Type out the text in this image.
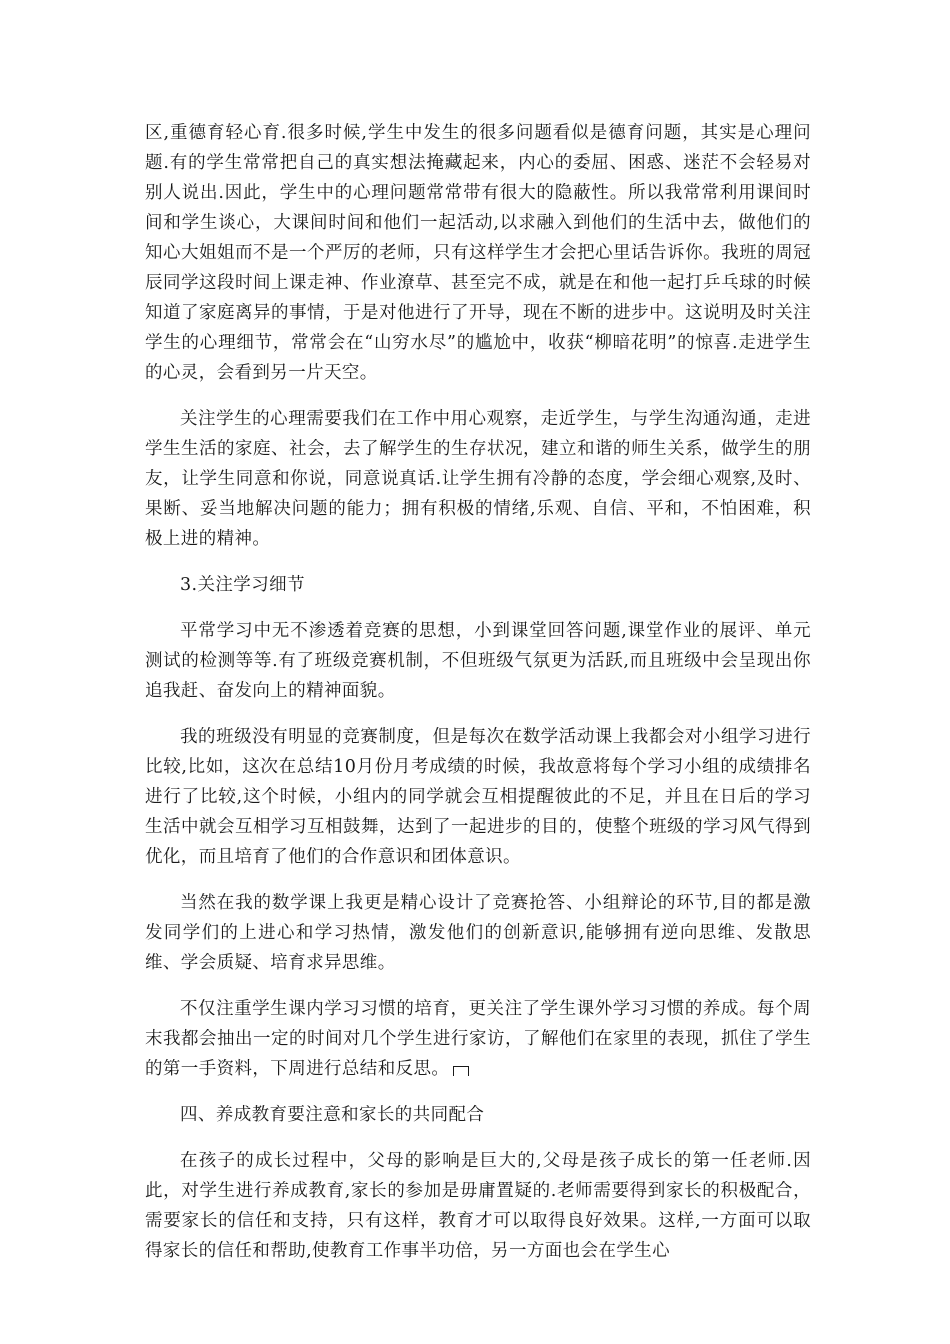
区,重德育轻心育.很多时候,学生中发生的很多问题看似是德育问题，其实是心理问题.有的学生常常把自己的真实想法掩藏起来，内心的委屈、困惑、迷茫不会轻易对别人说出.因此，学生中的心理问题常常带有很大的隐蔽性。所以我常常利用课间时间和学生谈心，大课间时间和他们一起活动,以求融入到他们的生活中去，做他们的知心大姐姐而不是一个严厉的老师，只有这样学生才会把心里话告诉你。我班的周冠辰同学这段时间上课走神、作业潦草、甚至完不成，就是在和他一起打乒乓球的时候知道了家庭离异的事情，于是对他进行了开导，现在不断的进步中。这说明及时关注学生的心理细节，常常会在“山穷水尽”的尴尬中，收获“柳暗花明”的惊喜.走进学生的心灵，会看到另一片天空。

关注学生的心理需要我们在工作中用心观察，走近学生，与学生沟通沟通，走进学生生活的家庭、社会，去了解学生的生存状况，建立和谐的师生关系，做学生的朋友，让学生同意和你说，同意说真话.让学生拥有冷静的态度，学会细心观察,及时、果断、妥当地解决问题的能力；拥有积极的情绪,乐观、自信、平和，不怕困难，积极上进的精神。

3.关注学习细节

平常学习中无不渗透着竞赛的思想，小到课堂回答问题,课堂作业的展评、单元测试的检测等等.有了班级竞赛机制，不但班级气氛更为活跃,而且班级中会呈现出你追我赶、奋发向上的精神面貌。

我的班级没有明显的竞赛制度，但是每次在数学活动课上我都会对小组学习进行比较,比如，这次在总结10月份月考成绩的时候，我故意将每个学习小组的成绩排名进行了比较,这个时候，小组内的同学就会互相提醒彼此的不足，并且在日后的学习生活中就会互相学习互相鼓舞，达到了一起进步的目的，使整个班级的学习风气得到优化，而且培育了他们的合作意识和团体意识。

当然在我的数学课上我更是精心设计了竞赛抢答、小组辩论的环节,目的都是激发同学们的上进心和学习热情，激发他们的创新意识,能够拥有逆向思维、发散思维、学会质疑、培育求异思维。

不仅注重学生课内学习习惯的培育，更关注了学生课外学习习惯的养成。每个周末我都会抽出一定的时间对几个学生进行家访，了解他们在家里的表现，抓住了学生的第一手资料，下周进行总结和反思。

四、养成教育要注意和家长的共同配合

在孩子的成长过程中，父母的影响是巨大的,父母是孩子成长的第一任老师.因此，对学生进行养成教育,家长的参加是毋庸置疑的.老师需要得到家长的积极配合，需要家长的信任和支持，只有这样，教育才可以取得良好效果。这样,一方面可以取得家长的信任和帮助,使教育工作事半功倍，另一方面也会在学生心
